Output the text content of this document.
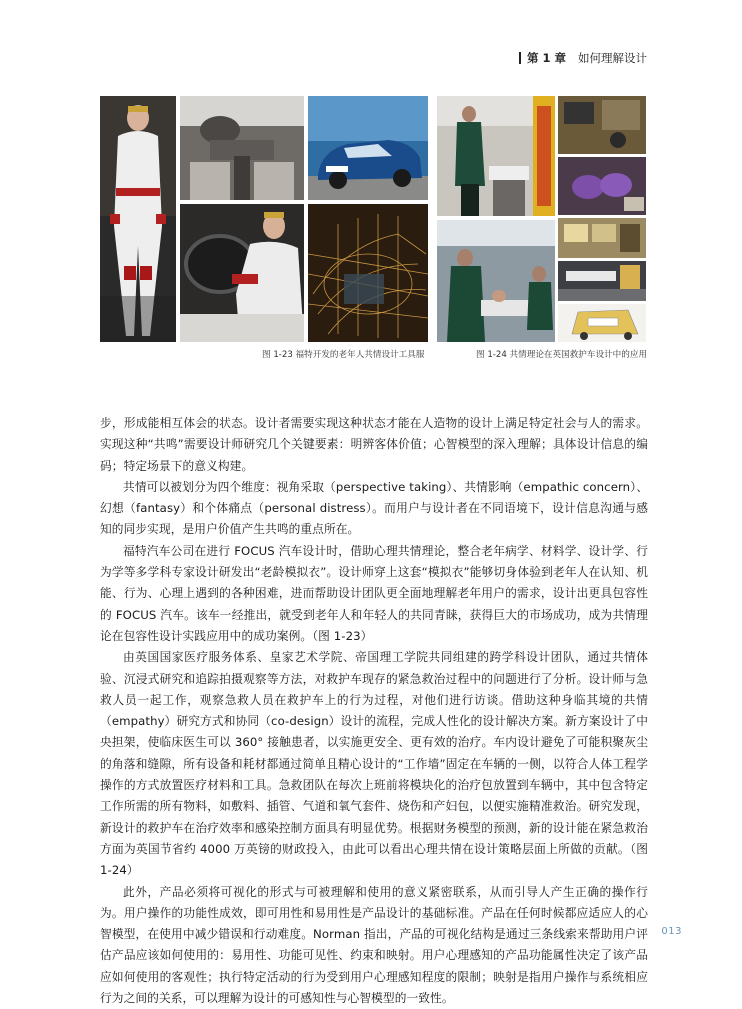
第 1 章 如何理解设计
图 1-23 福特开发的老年人共情设计工具服	图 1-24 共情理论在英国救护车设计中的应用

步，形成能相互体会的状态。设计者需要实现这种状态才能在人造物的设计上满足特定社会与人的需求。实现这种“共鸣”需要设计师研究几个关键要素：明辨客体价值；心智模型的深入理解；具体设计信息的编码；特定场景下的意义构建。

共情可以被划分为四个维度：视角采取（perspective taking）、共情影响（empathic concern）、幻想（fantasy）和个体痛点（personal distress）。而用户与设计者在不同语境下，设计信息沟通与感知的同步实现，是用户价值产生共鸣的重点所在。

福特汽车公司在进行 FOCUS 汽车设计时，借助心理共情理论，整合老年病学、材料学、设计学、行为学等多学科专家设计研发出“老龄模拟衣”。设计师穿上这套“模拟衣”能够切身体验到老年人在认知、机能、行为、心理上遇到的各种困难，进而帮助设计团队更全面地理解老年用户的需求，设计出更具包容性的 FOCUS 汽车。该车一经推出，就受到老年人和年轻人的共同青睐，获得巨大的市场成功，成为共情理论在包容性设计实践应用中的成功案例。（图 1-23）

由英国国家医疗服务体系、皇家艺术学院、帝国理工学院共同组建的跨学科设计团队，通过共情体验、沉浸式研究和追踪拍摄观察等方法，对救护车现存的紧急救治过程中的问题进行了分析。设计师与急救人员一起工作，观察急救人员在救护车上的行为过程，对他们进行访谈。借助这种身临其境的共情（empathy）研究方式和协同（co-design）设计的流程，完成人性化的设计解决方案。新方案设计了中央担架，使临床医生可以 360° 接触患者，以实施更安全、更有效的治疗。车内设计避免了可能积聚灰尘的角落和缝隙，所有设备和耗材都通过简单且精心设计的“工作墙”固定在车辆的一侧，以符合人体工程学操作的方式放置医疗材料和工具。急救团队在每次上班前将模块化的治疗包放置到车辆中，其中包含特定工作所需的所有物料，如敷料、插管、气道和氧气套件、烧伤和产妇包，以便实施精准救治。研究发现，新设计的救护车在治疗效率和感染控制方面具有明显优势。根据财务模型的预测，新的设计能在紧急救治方面为英国节省约 4000 万英镑的财政投入，由此可以看出心理共情在设计策略层面上所做的贡献。（图 1-24）

此外，产品必须将可视化的形式与可被理解和使用的意义紧密联系，从而引导人产生正确的操作行为。用户操作的功能性成效，即可用性和易用性是产品设计的基础标准。产品在任何时候都应适应人的心智模型，在使用中减少错误和行动难度。Norman 指出，产品的可视化结构是通过三条线索来帮助用户评估产品应该如何使用的：易用性、功能可见性、约束和映射。用户心理感知的产品功能属性决定了该产品应如何使用的客观性；执行特定活动的行为受到用户心理感知程度的限制；映射是指用户操作与系统相应行为之间的关系，可以理解为设计的可感知性与心智模型的一致性。

013
